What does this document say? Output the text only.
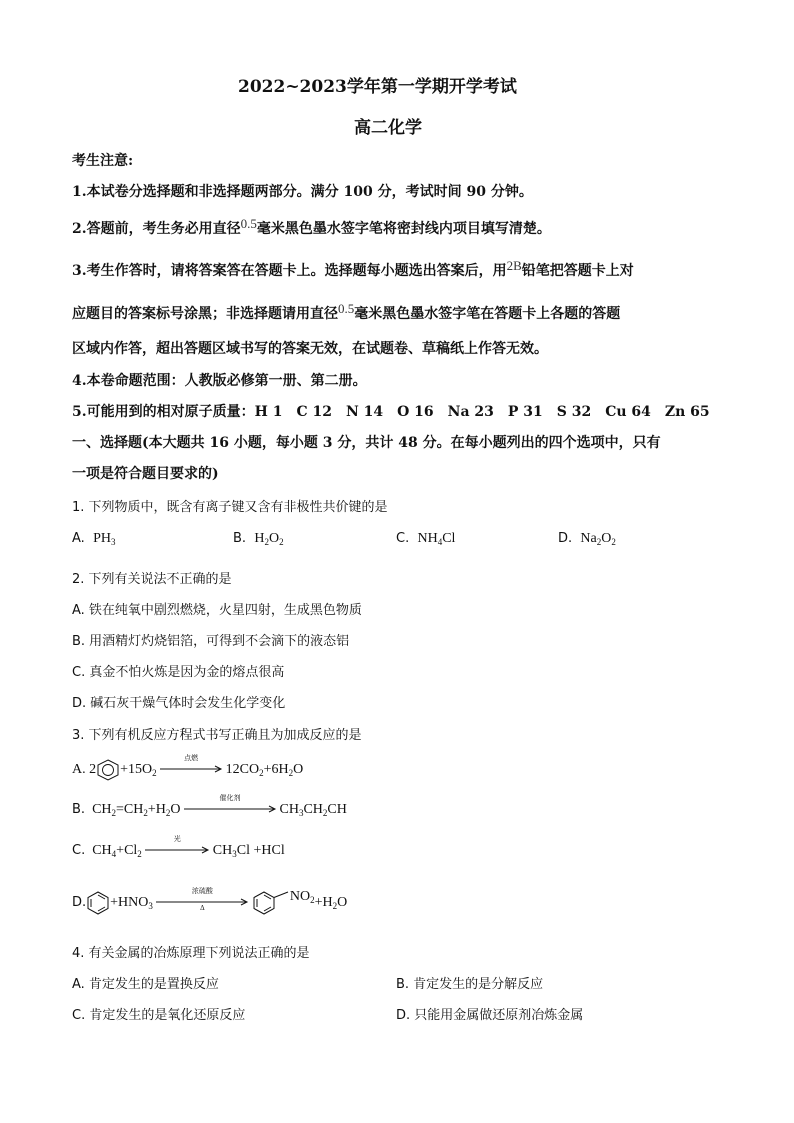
2022~2023学年第一学期开学考试
高二化学
考生注意:
1.本试卷分选择题和非选择题两部分。满分 100 分，考试时间 90 分钟。
2.答题前，考生务必用直径0.5毫米黑色墨水签字笔将密封线内项目填写清楚。
3.考生作答时，请将答案答在答题卡上。选择题每小题选出答案后，用2B铅笔把答题卡上对
应题目的答案标号涂黑；非选择题请用直径0.5毫米黑色墨水签字笔在答题卡上各题的答题
区域内作答，超出答题区域书写的答案无效，在试题卷、草稿纸上作答无效。
4.本卷命题范围：人教版必修第一册、第二册。
5.可能用到的相对原子质量：H 1　C 12　N 14　O 16　Na 23　P 31　S 32　Cu 64　Zn 65
一、选择题(本大题共 16 小题，每小题 3 分，共计 48 分。在每小题列出的四个选项中，只有
一项是符合题目要求的)
1. 下列物质中，既含有离子键又含有非极性共价键的是
A. $PH_3$	B. $H_2O_2$	C. $NH_4Cl$	D. $Na_2O_2$
2. 下列有关说法不正确的是
A. 铁在纯氧中剧烈燃烧，火星四射，生成黑色物质
B. 用酒精灯灼烧铝箔，可得到不会滴下的液态铝
C. 真金不怕火炼是因为金的熔点很高
D. 碱石灰干燥气体时会发生化学变化
3. 下列有机反应方程式书写正确且为加成反应的是
A. $2 +15O_2$
点燃
$12CO_2+6H_2O$
B. $CH_2=CH_2+H_2O$
催化剂
$CH_3CH_2CH$
C. $CH_4+Cl_2$
光
$CH_3Cl +HCl$
D. $+HNO_3$
浓硫酸
Δ
$NO_2+H_2O$
4. 有关金属的冶炼原理下列说法正确的是
A. 肯定发生的是置换反应	B. 肯定发生的是分解反应
C. 肯定发生的是氧化还原反应	D. 只能用金属做还原剂冶炼金属
